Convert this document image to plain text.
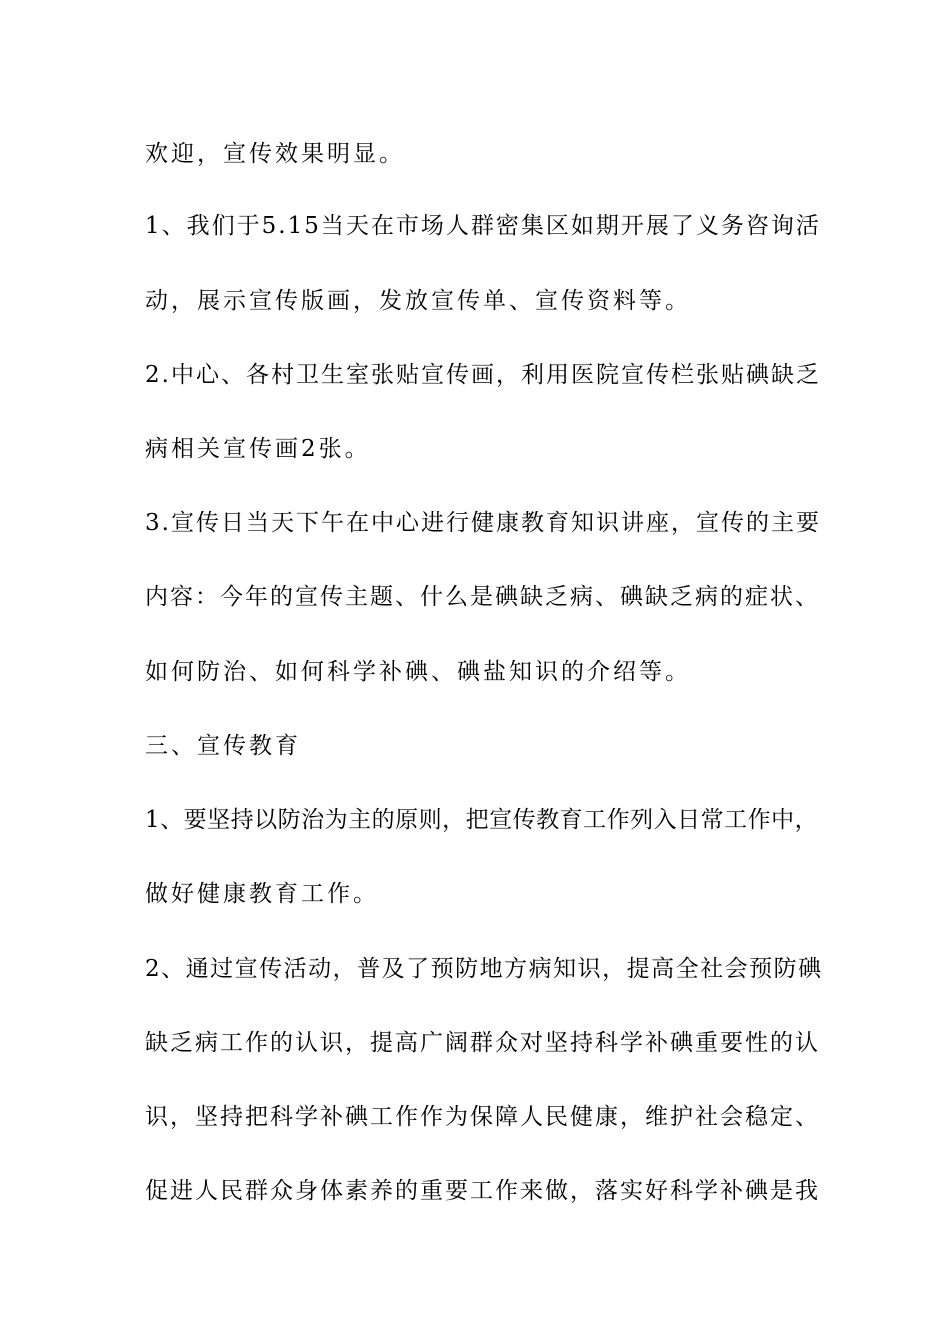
欢迎，宣传效果明显。
1、我们于5.15当天在市场人群密集区如期开展了义务咨询活
动，展示宣传版画，发放宣传单、宣传资料等。
2.中心、各村卫生室张贴宣传画，利用医院宣传栏张贴碘缺乏
病相关宣传画2张。
3.宣传日当天下午在中心进行健康教育知识讲座，宣传的主要
内容：今年的宣传主题、什么是碘缺乏病、碘缺乏病的症状、
如何防治、如何科学补碘、碘盐知识的介绍等。
三、宣传教育
1、要坚持以防治为主的原则，把宣传教育工作列入日常工作中，
做好健康教育工作。
2、通过宣传活动，普及了预防地方病知识，提高全社会预防碘
缺乏病工作的认识，提高广阔群众对坚持科学补碘重要性的认
识，坚持把科学补碘工作作为保障人民健康，维护社会稳定、
促进人民群众身体素养的重要工作来做，落实好科学补碘是我
